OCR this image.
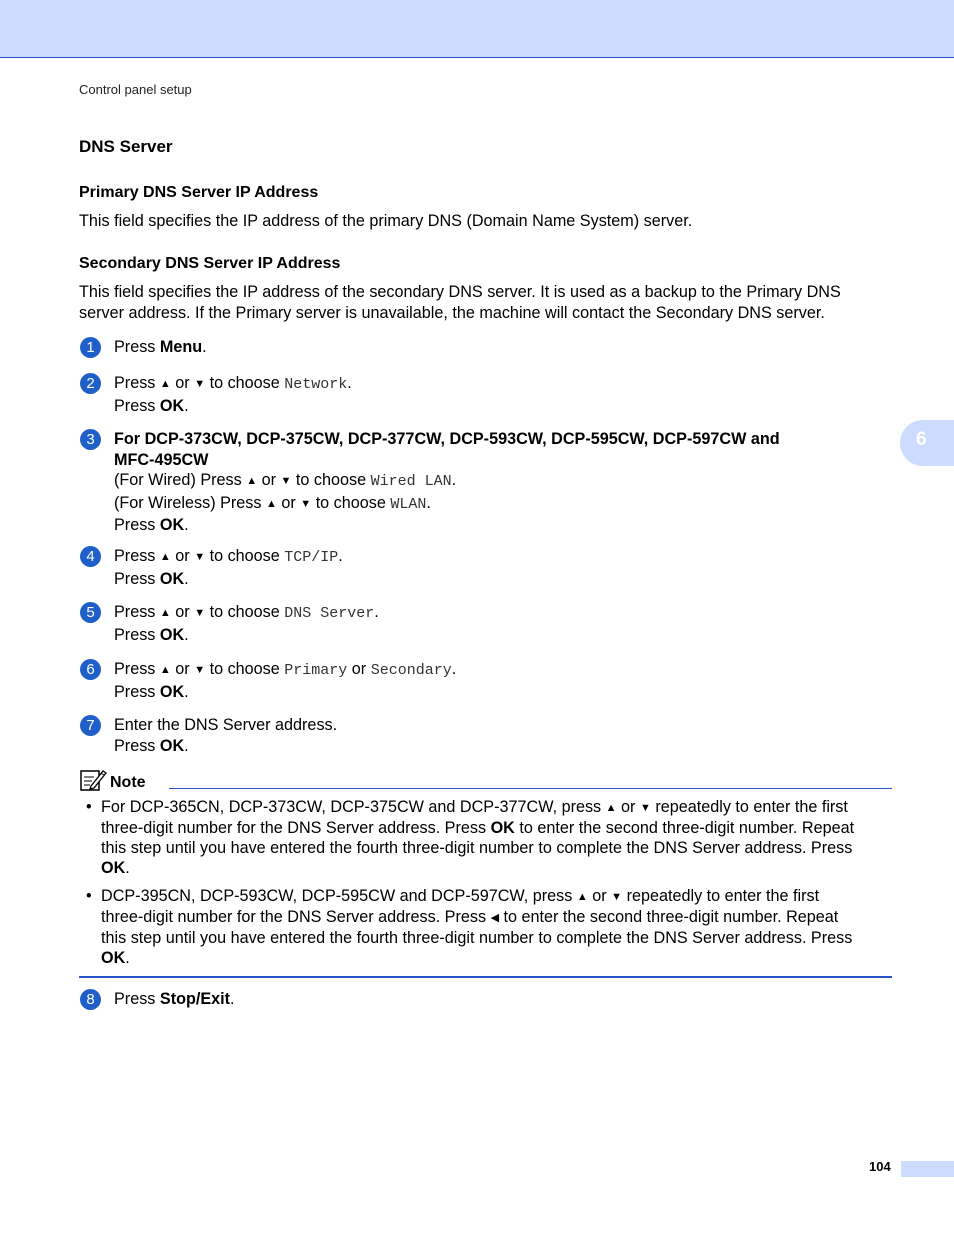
Control panel setup
6
DNS Server
Primary DNS Server IP Address
This field specifies the IP address of the primary DNS (Domain Name System) server.
Secondary DNS Server IP Address
This field specifies the IP address of the secondary DNS server. It is used as a backup to the Primary DNS
server address. If the Primary server is unavailable, the machine will contact the Secondary DNS server.
1	Press Menu.
2	Press ▲ or ▼ to choose Network.
Press OK.
3	For DCP-373CW, DCP-375CW, DCP-377CW, DCP-593CW, DCP-595CW, DCP-597CW and
MFC-495CW
(For Wired) Press ▲ or ▼ to choose Wired LAN.
(For Wireless) Press ▲ or ▼ to choose WLAN.
Press OK.
4	Press ▲ or ▼ to choose TCP/IP.
Press OK.
5	Press ▲ or ▼ to choose DNS Server.
Press OK.
6	Press ▲ or ▼ to choose Primary or Secondary.
Press OK.
7	Enter the DNS Server address.
Press OK.
Note
• For DCP-365CN, DCP-373CW, DCP-375CW and DCP-377CW, press ▲ or ▼ repeatedly to enter the first
three-digit number for the DNS Server address. Press OK to enter the second three-digit number. Repeat
this step until you have entered the fourth three-digit number to complete the DNS Server address. Press
OK.
• DCP-395CN, DCP-593CW, DCP-595CW and DCP-597CW, press ▲ or ▼ repeatedly to enter the first
three-digit number for the DNS Server address. Press ◀ to enter the second three-digit number. Repeat
this step until you have entered the fourth three-digit number to complete the DNS Server address. Press
OK.
8	Press Stop/Exit.
104
